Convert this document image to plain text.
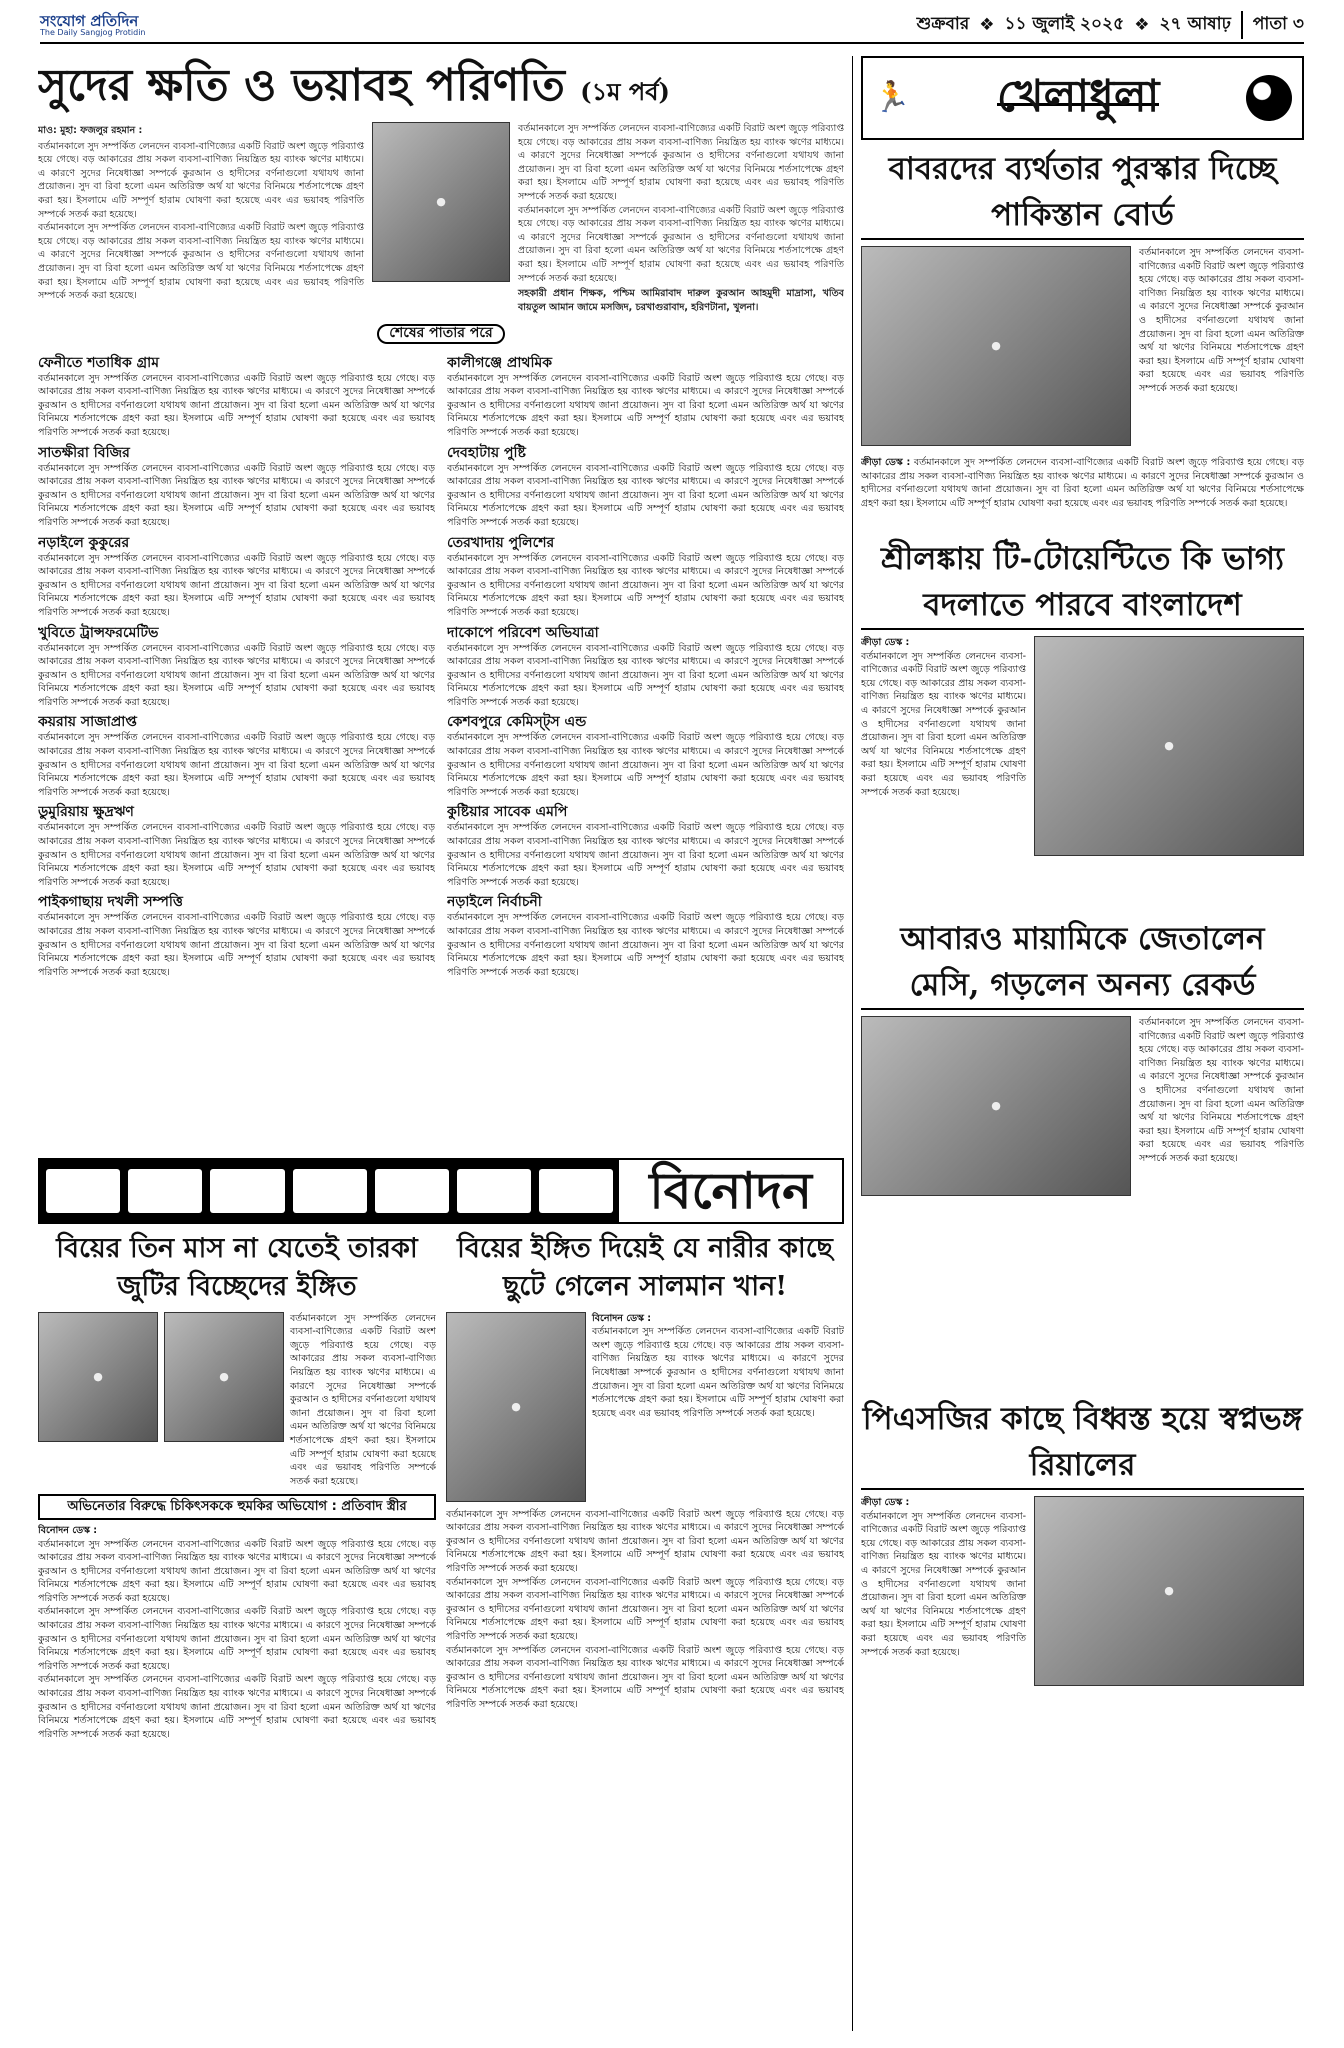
সংযোগ প্রতিদিন
The Daily Sangjog Protidin	শুক্রবার ❖ ১১ জুলাই ২০২৫ ❖ ২৭ আষাঢ়	পাতা ৩
সুদের ক্ষতি ও ভয়াবহ পরিণতি (১ম পর্ব)
মাও: মুহা: ফজলুর রহমান :
বর্তমানকালে সুদ সম্পর্কিত লেনদেন ব্যবসা-বাণিজ্যের একটি বিরাট অংশ জুড়ে পরিব্যাপ্ত হয়ে গেছে। বড় আকারের প্রায় সকল ব্যবসা-বাণিজ্য নিয়ন্ত্রিত হয় ব্যাংক ঋণের মাধ্যমে। এ কারণে সুদের নিষেধাজ্ঞা সম্পর্কে কুরআন ও হাদীসের বর্ণনাগুলো যথাযথ জানা প্রয়োজন। সুদ বা রিবা হলো এমন অতিরিক্ত অর্থ যা ঋণের বিনিময়ে শর্তসাপেক্ষে গ্রহণ করা হয়। ইসলামে এটি সম্পূর্ণ হারাম ঘোষণা করা হয়েছে এবং এর ভয়াবহ পরিণতি সম্পর্কে সতর্ক করা হয়েছে।
বর্তমানকালে সুদ সম্পর্কিত লেনদেন ব্যবসা-বাণিজ্যের একটি বিরাট অংশ জুড়ে পরিব্যাপ্ত হয়ে গেছে। বড় আকারের প্রায় সকল ব্যবসা-বাণিজ্য নিয়ন্ত্রিত হয় ব্যাংক ঋণের মাধ্যমে। এ কারণে সুদের নিষেধাজ্ঞা সম্পর্কে কুরআন ও হাদীসের বর্ণনাগুলো যথাযথ জানা প্রয়োজন। সুদ বা রিবা হলো এমন অতিরিক্ত অর্থ যা ঋণের বিনিময়ে শর্তসাপেক্ষে গ্রহণ করা হয়। ইসলামে এটি সম্পূর্ণ হারাম ঘোষণা করা হয়েছে এবং এর ভয়াবহ পরিণতি সম্পর্কে সতর্ক করা হয়েছে।
●
বর্তমানকালে সুদ সম্পর্কিত লেনদেন ব্যবসা-বাণিজ্যের একটি বিরাট অংশ জুড়ে পরিব্যাপ্ত হয়ে গেছে। বড় আকারের প্রায় সকল ব্যবসা-বাণিজ্য নিয়ন্ত্রিত হয় ব্যাংক ঋণের মাধ্যমে। এ কারণে সুদের নিষেধাজ্ঞা সম্পর্কে কুরআন ও হাদীসের বর্ণনাগুলো যথাযথ জানা প্রয়োজন। সুদ বা রিবা হলো এমন অতিরিক্ত অর্থ যা ঋণের বিনিময়ে শর্তসাপেক্ষে গ্রহণ করা হয়। ইসলামে এটি সম্পূর্ণ হারাম ঘোষণা করা হয়েছে এবং এর ভয়াবহ পরিণতি সম্পর্কে সতর্ক করা হয়েছে।
বর্তমানকালে সুদ সম্পর্কিত লেনদেন ব্যবসা-বাণিজ্যের একটি বিরাট অংশ জুড়ে পরিব্যাপ্ত হয়ে গেছে। বড় আকারের প্রায় সকল ব্যবসা-বাণিজ্য নিয়ন্ত্রিত হয় ব্যাংক ঋণের মাধ্যমে। এ কারণে সুদের নিষেধাজ্ঞা সম্পর্কে কুরআন ও হাদীসের বর্ণনাগুলো যথাযথ জানা প্রয়োজন। সুদ বা রিবা হলো এমন অতিরিক্ত অর্থ যা ঋণের বিনিময়ে শর্তসাপেক্ষে গ্রহণ করা হয়। ইসলামে এটি সম্পূর্ণ হারাম ঘোষণা করা হয়েছে এবং এর ভয়াবহ পরিণতি সম্পর্কে সতর্ক করা হয়েছে।
সহকারী প্রধান শিক্ষক, পশ্চিম আমিরাবাদ দারুল কুরআন আহমুদী মাদ্রাসা, খতিব বায়তুল আমান জামে মসজিদ, চরখাগুরাবাদ, হরিণটানা, খুলনা।
শেষের পাতার পরে
ফেনীতে শতাধিক গ্রাম
বর্তমানকালে সুদ সম্পর্কিত লেনদেন ব্যবসা-বাণিজ্যের একটি বিরাট অংশ জুড়ে পরিব্যাপ্ত হয়ে গেছে। বড় আকারের প্রায় সকল ব্যবসা-বাণিজ্য নিয়ন্ত্রিত হয় ব্যাংক ঋণের মাধ্যমে। এ কারণে সুদের নিষেধাজ্ঞা সম্পর্কে কুরআন ও হাদীসের বর্ণনাগুলো যথাযথ জানা প্রয়োজন। সুদ বা রিবা হলো এমন অতিরিক্ত অর্থ যা ঋণের বিনিময়ে শর্তসাপেক্ষে গ্রহণ করা হয়। ইসলামে এটি সম্পূর্ণ হারাম ঘোষণা করা হয়েছে এবং এর ভয়াবহ পরিণতি সম্পর্কে সতর্ক করা হয়েছে।
সাতক্ষীরা বিজির
বর্তমানকালে সুদ সম্পর্কিত লেনদেন ব্যবসা-বাণিজ্যের একটি বিরাট অংশ জুড়ে পরিব্যাপ্ত হয়ে গেছে। বড় আকারের প্রায় সকল ব্যবসা-বাণিজ্য নিয়ন্ত্রিত হয় ব্যাংক ঋণের মাধ্যমে। এ কারণে সুদের নিষেধাজ্ঞা সম্পর্কে কুরআন ও হাদীসের বর্ণনাগুলো যথাযথ জানা প্রয়োজন। সুদ বা রিবা হলো এমন অতিরিক্ত অর্থ যা ঋণের বিনিময়ে শর্তসাপেক্ষে গ্রহণ করা হয়। ইসলামে এটি সম্পূর্ণ হারাম ঘোষণা করা হয়েছে এবং এর ভয়াবহ পরিণতি সম্পর্কে সতর্ক করা হয়েছে।
নড়াইলে কুকুরের
বর্তমানকালে সুদ সম্পর্কিত লেনদেন ব্যবসা-বাণিজ্যের একটি বিরাট অংশ জুড়ে পরিব্যাপ্ত হয়ে গেছে। বড় আকারের প্রায় সকল ব্যবসা-বাণিজ্য নিয়ন্ত্রিত হয় ব্যাংক ঋণের মাধ্যমে। এ কারণে সুদের নিষেধাজ্ঞা সম্পর্কে কুরআন ও হাদীসের বর্ণনাগুলো যথাযথ জানা প্রয়োজন। সুদ বা রিবা হলো এমন অতিরিক্ত অর্থ যা ঋণের বিনিময়ে শর্তসাপেক্ষে গ্রহণ করা হয়। ইসলামে এটি সম্পূর্ণ হারাম ঘোষণা করা হয়েছে এবং এর ভয়াবহ পরিণতি সম্পর্কে সতর্ক করা হয়েছে।
খুবিতে ট্রান্সফরমেটিভ
বর্তমানকালে সুদ সম্পর্কিত লেনদেন ব্যবসা-বাণিজ্যের একটি বিরাট অংশ জুড়ে পরিব্যাপ্ত হয়ে গেছে। বড় আকারের প্রায় সকল ব্যবসা-বাণিজ্য নিয়ন্ত্রিত হয় ব্যাংক ঋণের মাধ্যমে। এ কারণে সুদের নিষেধাজ্ঞা সম্পর্কে কুরআন ও হাদীসের বর্ণনাগুলো যথাযথ জানা প্রয়োজন। সুদ বা রিবা হলো এমন অতিরিক্ত অর্থ যা ঋণের বিনিময়ে শর্তসাপেক্ষে গ্রহণ করা হয়। ইসলামে এটি সম্পূর্ণ হারাম ঘোষণা করা হয়েছে এবং এর ভয়াবহ পরিণতি সম্পর্কে সতর্ক করা হয়েছে।
কয়রায় সাজাপ্রাপ্ত
বর্তমানকালে সুদ সম্পর্কিত লেনদেন ব্যবসা-বাণিজ্যের একটি বিরাট অংশ জুড়ে পরিব্যাপ্ত হয়ে গেছে। বড় আকারের প্রায় সকল ব্যবসা-বাণিজ্য নিয়ন্ত্রিত হয় ব্যাংক ঋণের মাধ্যমে। এ কারণে সুদের নিষেধাজ্ঞা সম্পর্কে কুরআন ও হাদীসের বর্ণনাগুলো যথাযথ জানা প্রয়োজন। সুদ বা রিবা হলো এমন অতিরিক্ত অর্থ যা ঋণের বিনিময়ে শর্তসাপেক্ষে গ্রহণ করা হয়। ইসলামে এটি সম্পূর্ণ হারাম ঘোষণা করা হয়েছে এবং এর ভয়াবহ পরিণতি সম্পর্কে সতর্ক করা হয়েছে।
ডুমুরিয়ায় ক্ষুদ্রঋণ
বর্তমানকালে সুদ সম্পর্কিত লেনদেন ব্যবসা-বাণিজ্যের একটি বিরাট অংশ জুড়ে পরিব্যাপ্ত হয়ে গেছে। বড় আকারের প্রায় সকল ব্যবসা-বাণিজ্য নিয়ন্ত্রিত হয় ব্যাংক ঋণের মাধ্যমে। এ কারণে সুদের নিষেধাজ্ঞা সম্পর্কে কুরআন ও হাদীসের বর্ণনাগুলো যথাযথ জানা প্রয়োজন। সুদ বা রিবা হলো এমন অতিরিক্ত অর্থ যা ঋণের বিনিময়ে শর্তসাপেক্ষে গ্রহণ করা হয়। ইসলামে এটি সম্পূর্ণ হারাম ঘোষণা করা হয়েছে এবং এর ভয়াবহ পরিণতি সম্পর্কে সতর্ক করা হয়েছে।
পাইকগাছায় দখলী সম্পত্তি
বর্তমানকালে সুদ সম্পর্কিত লেনদেন ব্যবসা-বাণিজ্যের একটি বিরাট অংশ জুড়ে পরিব্যাপ্ত হয়ে গেছে। বড় আকারের প্রায় সকল ব্যবসা-বাণিজ্য নিয়ন্ত্রিত হয় ব্যাংক ঋণের মাধ্যমে। এ কারণে সুদের নিষেধাজ্ঞা সম্পর্কে কুরআন ও হাদীসের বর্ণনাগুলো যথাযথ জানা প্রয়োজন। সুদ বা রিবা হলো এমন অতিরিক্ত অর্থ যা ঋণের বিনিময়ে শর্তসাপেক্ষে গ্রহণ করা হয়। ইসলামে এটি সম্পূর্ণ হারাম ঘোষণা করা হয়েছে এবং এর ভয়াবহ পরিণতি সম্পর্কে সতর্ক করা হয়েছে।
কালীগঞ্জে প্রাথমিক
বর্তমানকালে সুদ সম্পর্কিত লেনদেন ব্যবসা-বাণিজ্যের একটি বিরাট অংশ জুড়ে পরিব্যাপ্ত হয়ে গেছে। বড় আকারের প্রায় সকল ব্যবসা-বাণিজ্য নিয়ন্ত্রিত হয় ব্যাংক ঋণের মাধ্যমে। এ কারণে সুদের নিষেধাজ্ঞা সম্পর্কে কুরআন ও হাদীসের বর্ণনাগুলো যথাযথ জানা প্রয়োজন। সুদ বা রিবা হলো এমন অতিরিক্ত অর্থ যা ঋণের বিনিময়ে শর্তসাপেক্ষে গ্রহণ করা হয়। ইসলামে এটি সম্পূর্ণ হারাম ঘোষণা করা হয়েছে এবং এর ভয়াবহ পরিণতি সম্পর্কে সতর্ক করা হয়েছে।
দেবহাটায় পুষ্টি
বর্তমানকালে সুদ সম্পর্কিত লেনদেন ব্যবসা-বাণিজ্যের একটি বিরাট অংশ জুড়ে পরিব্যাপ্ত হয়ে গেছে। বড় আকারের প্রায় সকল ব্যবসা-বাণিজ্য নিয়ন্ত্রিত হয় ব্যাংক ঋণের মাধ্যমে। এ কারণে সুদের নিষেধাজ্ঞা সম্পর্কে কুরআন ও হাদীসের বর্ণনাগুলো যথাযথ জানা প্রয়োজন। সুদ বা রিবা হলো এমন অতিরিক্ত অর্থ যা ঋণের বিনিময়ে শর্তসাপেক্ষে গ্রহণ করা হয়। ইসলামে এটি সম্পূর্ণ হারাম ঘোষণা করা হয়েছে এবং এর ভয়াবহ পরিণতি সম্পর্কে সতর্ক করা হয়েছে।
তেরখাদায় পুলিশের
বর্তমানকালে সুদ সম্পর্কিত লেনদেন ব্যবসা-বাণিজ্যের একটি বিরাট অংশ জুড়ে পরিব্যাপ্ত হয়ে গেছে। বড় আকারের প্রায় সকল ব্যবসা-বাণিজ্য নিয়ন্ত্রিত হয় ব্যাংক ঋণের মাধ্যমে। এ কারণে সুদের নিষেধাজ্ঞা সম্পর্কে কুরআন ও হাদীসের বর্ণনাগুলো যথাযথ জানা প্রয়োজন। সুদ বা রিবা হলো এমন অতিরিক্ত অর্থ যা ঋণের বিনিময়ে শর্তসাপেক্ষে গ্রহণ করা হয়। ইসলামে এটি সম্পূর্ণ হারাম ঘোষণা করা হয়েছে এবং এর ভয়াবহ পরিণতি সম্পর্কে সতর্ক করা হয়েছে।
দাকোপে পরিবেশ অভিযাত্রা
বর্তমানকালে সুদ সম্পর্কিত লেনদেন ব্যবসা-বাণিজ্যের একটি বিরাট অংশ জুড়ে পরিব্যাপ্ত হয়ে গেছে। বড় আকারের প্রায় সকল ব্যবসা-বাণিজ্য নিয়ন্ত্রিত হয় ব্যাংক ঋণের মাধ্যমে। এ কারণে সুদের নিষেধাজ্ঞা সম্পর্কে কুরআন ও হাদীসের বর্ণনাগুলো যথাযথ জানা প্রয়োজন। সুদ বা রিবা হলো এমন অতিরিক্ত অর্থ যা ঋণের বিনিময়ে শর্তসাপেক্ষে গ্রহণ করা হয়। ইসলামে এটি সম্পূর্ণ হারাম ঘোষণা করা হয়েছে এবং এর ভয়াবহ পরিণতি সম্পর্কে সতর্ক করা হয়েছে।
কেশবপুরে কেমিস্ট্স এন্ড
বর্তমানকালে সুদ সম্পর্কিত লেনদেন ব্যবসা-বাণিজ্যের একটি বিরাট অংশ জুড়ে পরিব্যাপ্ত হয়ে গেছে। বড় আকারের প্রায় সকল ব্যবসা-বাণিজ্য নিয়ন্ত্রিত হয় ব্যাংক ঋণের মাধ্যমে। এ কারণে সুদের নিষেধাজ্ঞা সম্পর্কে কুরআন ও হাদীসের বর্ণনাগুলো যথাযথ জানা প্রয়োজন। সুদ বা রিবা হলো এমন অতিরিক্ত অর্থ যা ঋণের বিনিময়ে শর্তসাপেক্ষে গ্রহণ করা হয়। ইসলামে এটি সম্পূর্ণ হারাম ঘোষণা করা হয়েছে এবং এর ভয়াবহ পরিণতি সম্পর্কে সতর্ক করা হয়েছে।
কুষ্টিয়ার সাবেক এমপি
বর্তমানকালে সুদ সম্পর্কিত লেনদেন ব্যবসা-বাণিজ্যের একটি বিরাট অংশ জুড়ে পরিব্যাপ্ত হয়ে গেছে। বড় আকারের প্রায় সকল ব্যবসা-বাণিজ্য নিয়ন্ত্রিত হয় ব্যাংক ঋণের মাধ্যমে। এ কারণে সুদের নিষেধাজ্ঞা সম্পর্কে কুরআন ও হাদীসের বর্ণনাগুলো যথাযথ জানা প্রয়োজন। সুদ বা রিবা হলো এমন অতিরিক্ত অর্থ যা ঋণের বিনিময়ে শর্তসাপেক্ষে গ্রহণ করা হয়। ইসলামে এটি সম্পূর্ণ হারাম ঘোষণা করা হয়েছে এবং এর ভয়াবহ পরিণতি সম্পর্কে সতর্ক করা হয়েছে।
নড়াইলে নির্বাচনী
বর্তমানকালে সুদ সম্পর্কিত লেনদেন ব্যবসা-বাণিজ্যের একটি বিরাট অংশ জুড়ে পরিব্যাপ্ত হয়ে গেছে। বড় আকারের প্রায় সকল ব্যবসা-বাণিজ্য নিয়ন্ত্রিত হয় ব্যাংক ঋণের মাধ্যমে। এ কারণে সুদের নিষেধাজ্ঞা সম্পর্কে কুরআন ও হাদীসের বর্ণনাগুলো যথাযথ জানা প্রয়োজন। সুদ বা রিবা হলো এমন অতিরিক্ত অর্থ যা ঋণের বিনিময়ে শর্তসাপেক্ষে গ্রহণ করা হয়। ইসলামে এটি সম্পূর্ণ হারাম ঘোষণা করা হয়েছে এবং এর ভয়াবহ পরিণতি সম্পর্কে সতর্ক করা হয়েছে।
বিনোদন
বিয়ের তিন মাস না যেতেই তারকা জুটির বিচ্ছেদের ইঙ্গিত
●	●
বর্তমানকালে সুদ সম্পর্কিত লেনদেন ব্যবসা-বাণিজ্যের একটি বিরাট অংশ জুড়ে পরিব্যাপ্ত হয়ে গেছে। বড় আকারের প্রায় সকল ব্যবসা-বাণিজ্য নিয়ন্ত্রিত হয় ব্যাংক ঋণের মাধ্যমে। এ কারণে সুদের নিষেধাজ্ঞা সম্পর্কে কুরআন ও হাদীসের বর্ণনাগুলো যথাযথ জানা প্রয়োজন। সুদ বা রিবা হলো এমন অতিরিক্ত অর্থ যা ঋণের বিনিময়ে শর্তসাপেক্ষে গ্রহণ করা হয়। ইসলামে এটি সম্পূর্ণ হারাম ঘোষণা করা হয়েছে এবং এর ভয়াবহ পরিণতি সম্পর্কে সতর্ক করা হয়েছে।
অভিনেতার বিরুদ্ধে চিকিৎসককে হুমকির অভিযোগ : প্রতিবাদ স্ত্রীর
বিনোদন ডেস্ক :
বর্তমানকালে সুদ সম্পর্কিত লেনদেন ব্যবসা-বাণিজ্যের একটি বিরাট অংশ জুড়ে পরিব্যাপ্ত হয়ে গেছে। বড় আকারের প্রায় সকল ব্যবসা-বাণিজ্য নিয়ন্ত্রিত হয় ব্যাংক ঋণের মাধ্যমে। এ কারণে সুদের নিষেধাজ্ঞা সম্পর্কে কুরআন ও হাদীসের বর্ণনাগুলো যথাযথ জানা প্রয়োজন। সুদ বা রিবা হলো এমন অতিরিক্ত অর্থ যা ঋণের বিনিময়ে শর্তসাপেক্ষে গ্রহণ করা হয়। ইসলামে এটি সম্পূর্ণ হারাম ঘোষণা করা হয়েছে এবং এর ভয়াবহ পরিণতি সম্পর্কে সতর্ক করা হয়েছে।
বর্তমানকালে সুদ সম্পর্কিত লেনদেন ব্যবসা-বাণিজ্যের একটি বিরাট অংশ জুড়ে পরিব্যাপ্ত হয়ে গেছে। বড় আকারের প্রায় সকল ব্যবসা-বাণিজ্য নিয়ন্ত্রিত হয় ব্যাংক ঋণের মাধ্যমে। এ কারণে সুদের নিষেধাজ্ঞা সম্পর্কে কুরআন ও হাদীসের বর্ণনাগুলো যথাযথ জানা প্রয়োজন। সুদ বা রিবা হলো এমন অতিরিক্ত অর্থ যা ঋণের বিনিময়ে শর্তসাপেক্ষে গ্রহণ করা হয়। ইসলামে এটি সম্পূর্ণ হারাম ঘোষণা করা হয়েছে এবং এর ভয়াবহ পরিণতি সম্পর্কে সতর্ক করা হয়েছে।
বর্তমানকালে সুদ সম্পর্কিত লেনদেন ব্যবসা-বাণিজ্যের একটি বিরাট অংশ জুড়ে পরিব্যাপ্ত হয়ে গেছে। বড় আকারের প্রায় সকল ব্যবসা-বাণিজ্য নিয়ন্ত্রিত হয় ব্যাংক ঋণের মাধ্যমে। এ কারণে সুদের নিষেধাজ্ঞা সম্পর্কে কুরআন ও হাদীসের বর্ণনাগুলো যথাযথ জানা প্রয়োজন। সুদ বা রিবা হলো এমন অতিরিক্ত অর্থ যা ঋণের বিনিময়ে শর্তসাপেক্ষে গ্রহণ করা হয়। ইসলামে এটি সম্পূর্ণ হারাম ঘোষণা করা হয়েছে এবং এর ভয়াবহ পরিণতি সম্পর্কে সতর্ক করা হয়েছে।
বিয়ের ইঙ্গিত দিয়েই যে নারীর কাছে ছুটে গেলেন সালমান খান!
●
বিনোদন ডেস্ক :
বর্তমানকালে সুদ সম্পর্কিত লেনদেন ব্যবসা-বাণিজ্যের একটি বিরাট অংশ জুড়ে পরিব্যাপ্ত হয়ে গেছে। বড় আকারের প্রায় সকল ব্যবসা-বাণিজ্য নিয়ন্ত্রিত হয় ব্যাংক ঋণের মাধ্যমে। এ কারণে সুদের নিষেধাজ্ঞা সম্পর্কে কুরআন ও হাদীসের বর্ণনাগুলো যথাযথ জানা প্রয়োজন। সুদ বা রিবা হলো এমন অতিরিক্ত অর্থ যা ঋণের বিনিময়ে শর্তসাপেক্ষে গ্রহণ করা হয়। ইসলামে এটি সম্পূর্ণ হারাম ঘোষণা করা হয়েছে এবং এর ভয়াবহ পরিণতি সম্পর্কে সতর্ক করা হয়েছে।
বর্তমানকালে সুদ সম্পর্কিত লেনদেন ব্যবসা-বাণিজ্যের একটি বিরাট অংশ জুড়ে পরিব্যাপ্ত হয়ে গেছে। বড় আকারের প্রায় সকল ব্যবসা-বাণিজ্য নিয়ন্ত্রিত হয় ব্যাংক ঋণের মাধ্যমে। এ কারণে সুদের নিষেধাজ্ঞা সম্পর্কে কুরআন ও হাদীসের বর্ণনাগুলো যথাযথ জানা প্রয়োজন। সুদ বা রিবা হলো এমন অতিরিক্ত অর্থ যা ঋণের বিনিময়ে শর্তসাপেক্ষে গ্রহণ করা হয়। ইসলামে এটি সম্পূর্ণ হারাম ঘোষণা করা হয়েছে এবং এর ভয়াবহ পরিণতি সম্পর্কে সতর্ক করা হয়েছে।
বর্তমানকালে সুদ সম্পর্কিত লেনদেন ব্যবসা-বাণিজ্যের একটি বিরাট অংশ জুড়ে পরিব্যাপ্ত হয়ে গেছে। বড় আকারের প্রায় সকল ব্যবসা-বাণিজ্য নিয়ন্ত্রিত হয় ব্যাংক ঋণের মাধ্যমে। এ কারণে সুদের নিষেধাজ্ঞা সম্পর্কে কুরআন ও হাদীসের বর্ণনাগুলো যথাযথ জানা প্রয়োজন। সুদ বা রিবা হলো এমন অতিরিক্ত অর্থ যা ঋণের বিনিময়ে শর্তসাপেক্ষে গ্রহণ করা হয়। ইসলামে এটি সম্পূর্ণ হারাম ঘোষণা করা হয়েছে এবং এর ভয়াবহ পরিণতি সম্পর্কে সতর্ক করা হয়েছে।
বর্তমানকালে সুদ সম্পর্কিত লেনদেন ব্যবসা-বাণিজ্যের একটি বিরাট অংশ জুড়ে পরিব্যাপ্ত হয়ে গেছে। বড় আকারের প্রায় সকল ব্যবসা-বাণিজ্য নিয়ন্ত্রিত হয় ব্যাংক ঋণের মাধ্যমে। এ কারণে সুদের নিষেধাজ্ঞা সম্পর্কে কুরআন ও হাদীসের বর্ণনাগুলো যথাযথ জানা প্রয়োজন। সুদ বা রিবা হলো এমন অতিরিক্ত অর্থ যা ঋণের বিনিময়ে শর্তসাপেক্ষে গ্রহণ করা হয়। ইসলামে এটি সম্পূর্ণ হারাম ঘোষণা করা হয়েছে এবং এর ভয়াবহ পরিণতি সম্পর্কে সতর্ক করা হয়েছে।
🏃 খেলাধুলা
বাবরদের ব্যর্থতার পুরস্কার দিচ্ছে পাকিস্তান বোর্ড
●
বর্তমানকালে সুদ সম্পর্কিত লেনদেন ব্যবসা-বাণিজ্যের একটি বিরাট অংশ জুড়ে পরিব্যাপ্ত হয়ে গেছে। বড় আকারের প্রায় সকল ব্যবসা-বাণিজ্য নিয়ন্ত্রিত হয় ব্যাংক ঋণের মাধ্যমে। এ কারণে সুদের নিষেধাজ্ঞা সম্পর্কে কুরআন ও হাদীসের বর্ণনাগুলো যথাযথ জানা প্রয়োজন। সুদ বা রিবা হলো এমন অতিরিক্ত অর্থ যা ঋণের বিনিময়ে শর্তসাপেক্ষে গ্রহণ করা হয়। ইসলামে এটি সম্পূর্ণ হারাম ঘোষণা করা হয়েছে এবং এর ভয়াবহ পরিণতি সম্পর্কে সতর্ক করা হয়েছে।
ক্রীড়া ডেস্ক : বর্তমানকালে সুদ সম্পর্কিত লেনদেন ব্যবসা-বাণিজ্যের একটি বিরাট অংশ জুড়ে পরিব্যাপ্ত হয়ে গেছে। বড় আকারের প্রায় সকল ব্যবসা-বাণিজ্য নিয়ন্ত্রিত হয় ব্যাংক ঋণের মাধ্যমে। এ কারণে সুদের নিষেধাজ্ঞা সম্পর্কে কুরআন ও হাদীসের বর্ণনাগুলো যথাযথ জানা প্রয়োজন। সুদ বা রিবা হলো এমন অতিরিক্ত অর্থ যা ঋণের বিনিময়ে শর্তসাপেক্ষে গ্রহণ করা হয়। ইসলামে এটি সম্পূর্ণ হারাম ঘোষণা করা হয়েছে এবং এর ভয়াবহ পরিণতি সম্পর্কে সতর্ক করা হয়েছে।
শ্রীলঙ্কায় টি-টোয়েন্টিতে কি ভাগ্য বদলাতে পারবে বাংলাদেশ
ক্রীড়া ডেস্ক :
বর্তমানকালে সুদ সম্পর্কিত লেনদেন ব্যবসা-বাণিজ্যের একটি বিরাট অংশ জুড়ে পরিব্যাপ্ত হয়ে গেছে। বড় আকারের প্রায় সকল ব্যবসা-বাণিজ্য নিয়ন্ত্রিত হয় ব্যাংক ঋণের মাধ্যমে। এ কারণে সুদের নিষেধাজ্ঞা সম্পর্কে কুরআন ও হাদীসের বর্ণনাগুলো যথাযথ জানা প্রয়োজন। সুদ বা রিবা হলো এমন অতিরিক্ত অর্থ যা ঋণের বিনিময়ে শর্তসাপেক্ষে গ্রহণ করা হয়। ইসলামে এটি সম্পূর্ণ হারাম ঘোষণা করা হয়েছে এবং এর ভয়াবহ পরিণতি সম্পর্কে সতর্ক করা হয়েছে।
●
আবারও মায়ামিকে জেতালেন মেসি, গড়লেন অনন্য রেকর্ড
●
বর্তমানকালে সুদ সম্পর্কিত লেনদেন ব্যবসা-বাণিজ্যের একটি বিরাট অংশ জুড়ে পরিব্যাপ্ত হয়ে গেছে। বড় আকারের প্রায় সকল ব্যবসা-বাণিজ্য নিয়ন্ত্রিত হয় ব্যাংক ঋণের মাধ্যমে। এ কারণে সুদের নিষেধাজ্ঞা সম্পর্কে কুরআন ও হাদীসের বর্ণনাগুলো যথাযথ জানা প্রয়োজন। সুদ বা রিবা হলো এমন অতিরিক্ত অর্থ যা ঋণের বিনিময়ে শর্তসাপেক্ষে গ্রহণ করা হয়। ইসলামে এটি সম্পূর্ণ হারাম ঘোষণা করা হয়েছে এবং এর ভয়াবহ পরিণতি সম্পর্কে সতর্ক করা হয়েছে।
পিএসজির কাছে বিধ্বস্ত হয়ে স্বপ্নভঙ্গ রিয়ালের
ক্রীড়া ডেস্ক :
বর্তমানকালে সুদ সম্পর্কিত লেনদেন ব্যবসা-বাণিজ্যের একটি বিরাট অংশ জুড়ে পরিব্যাপ্ত হয়ে গেছে। বড় আকারের প্রায় সকল ব্যবসা-বাণিজ্য নিয়ন্ত্রিত হয় ব্যাংক ঋণের মাধ্যমে। এ কারণে সুদের নিষেধাজ্ঞা সম্পর্কে কুরআন ও হাদীসের বর্ণনাগুলো যথাযথ জানা প্রয়োজন। সুদ বা রিবা হলো এমন অতিরিক্ত অর্থ যা ঋণের বিনিময়ে শর্তসাপেক্ষে গ্রহণ করা হয়। ইসলামে এটি সম্পূর্ণ হারাম ঘোষণা করা হয়েছে এবং এর ভয়াবহ পরিণতি সম্পর্কে সতর্ক করা হয়েছে।
●
